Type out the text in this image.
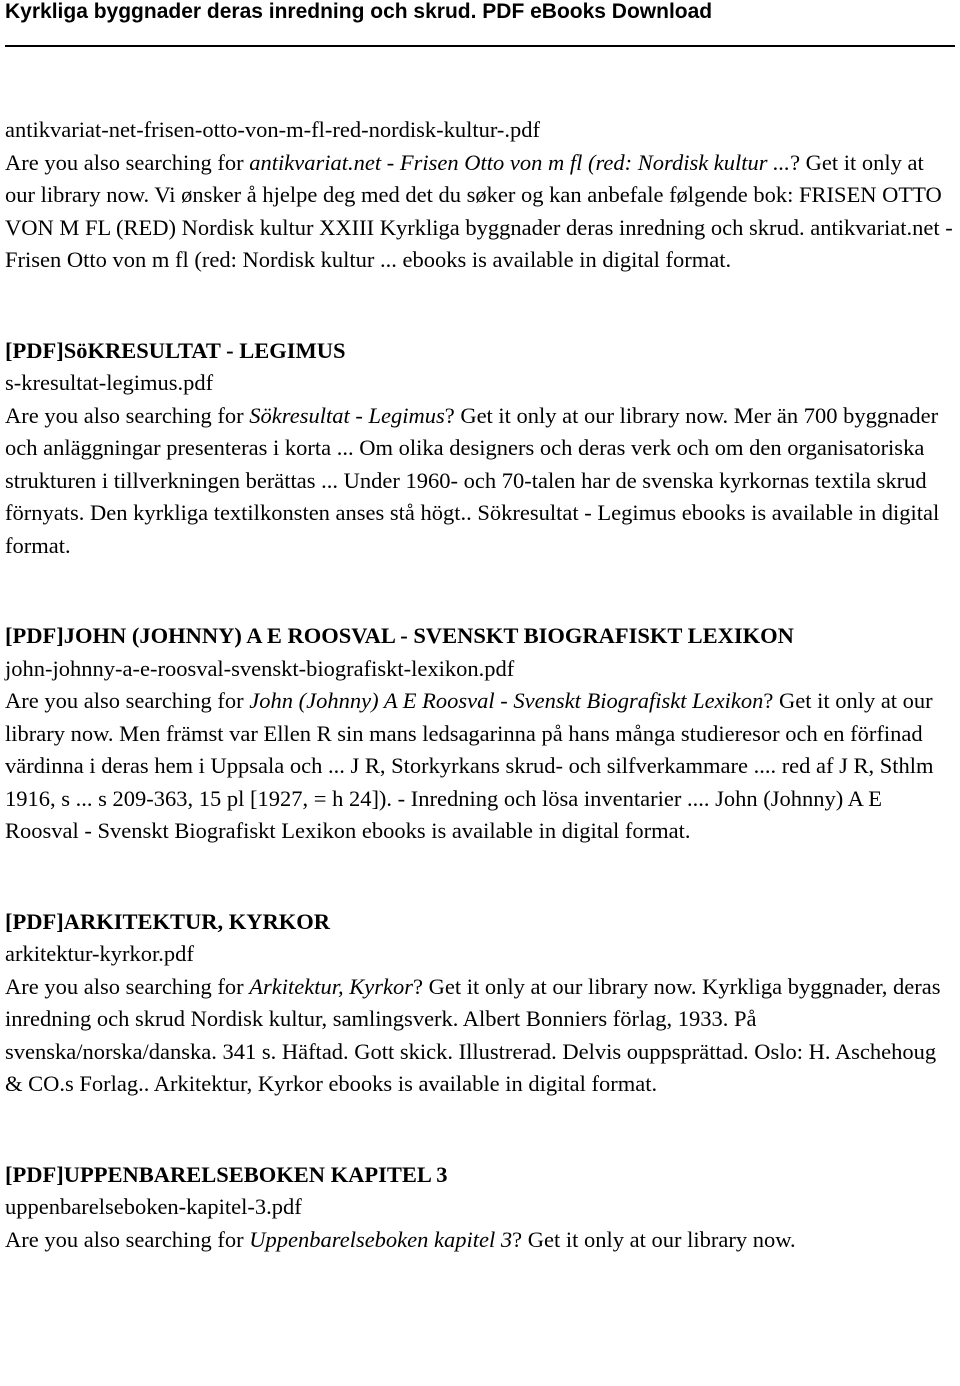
Kyrkliga byggnader deras inredning och skrud. PDF eBooks Download
antikvariat-net-frisen-otto-von-m-fl-red-nordisk-kultur-.pdf
Are you also searching for antikvariat.net - Frisen Otto von m fl (red: Nordisk kultur ...? Get it only at our library now. Vi ønsker å hjelpe deg med det du søker og kan anbefale følgende bok: FRISEN OTTO VON M FL (RED) Nordisk kultur XXIII Kyrkliga byggnader deras inredning och skrud. antikvariat.net - Frisen Otto von m fl (red: Nordisk kultur ... ebooks is available in digital format.
[PDF]SöKRESULTAT - LEGIMUS
s-kresultat-legimus.pdf
Are you also searching for Sökresultat - Legimus? Get it only at our library now. Mer än 700 byggnader och anläggningar presenteras i korta ... Om olika designers och deras verk och om den organisatoriska strukturen i tillverkningen berättas ... Under 1960- och 70-talen har de svenska kyrkornas textila skrud förnyats. Den kyrkliga textilkonsten anses stå högt.. Sökresultat - Legimus ebooks is available in digital format.
[PDF]JOHN (JOHNNY) A E ROOSVAL - SVENSKT BIOGRAFISKT LEXIKON
john-johnny-a-e-roosval-svenskt-biografiskt-lexikon.pdf
Are you also searching for John (Johnny) A E Roosval - Svenskt Biografiskt Lexikon? Get it only at our library now. Men främst var Ellen R sin mans ledsagarinna på hans många studieresor och en förfinad värdinna i deras hem i Uppsala och ... J R, Storkyrkans skrud- och silfverkammare .... red af J R, Sthlm 1916, s ... s 209-363, 15 pl [1927, = h 24]). - Inredning och lösa inventarier .... John (Johnny) A E Roosval - Svenskt Biografiskt Lexikon ebooks is available in digital format.
[PDF]ARKITEKTUR, KYRKOR
arkitektur-kyrkor.pdf
Are you also searching for Arkitektur, Kyrkor? Get it only at our library now. Kyrkliga byggnader, deras inredning och skrud Nordisk kultur, samlingsverk. Albert Bonniers förlag, 1933. På svenska/norska/danska. 341 s. Häftad. Gott skick. Illustrerad. Delvis ouppsprättad. Oslo: H. Aschehoug & CO.s Forlag.. Arkitektur, Kyrkor ebooks is available in digital format.
[PDF]UPPENBARELSEBOKEN KAPITEL 3
uppenbarelseboken-kapitel-3.pdf
Are you also searching for Uppenbarelseboken kapitel 3? Get it only at our library now.
